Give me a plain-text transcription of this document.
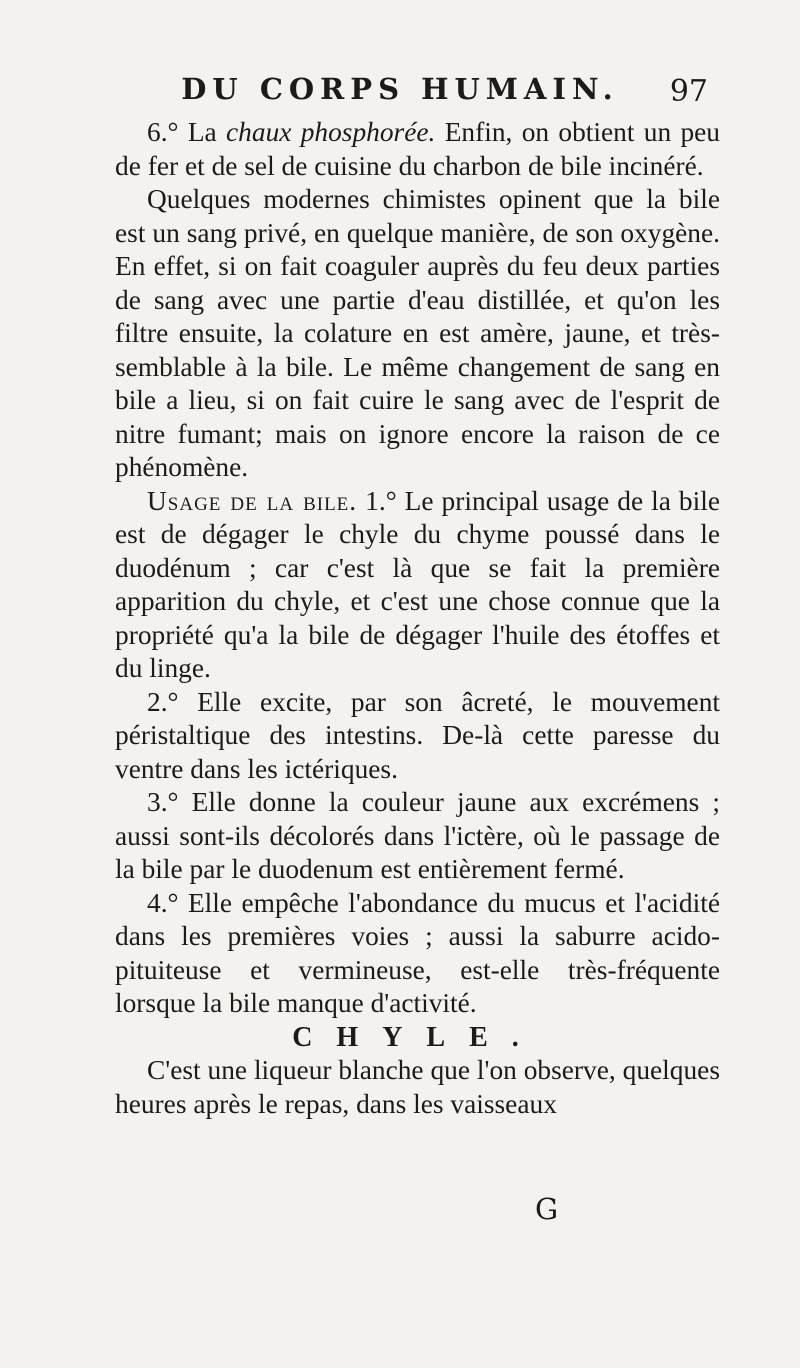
DU CORPS HUMAIN.	97

6.° La chaux phosphorée. Enfin, on obtient un peu de fer et de sel de cuisine du charbon de bile incinéré.

Quelques modernes chimistes opinent que la bile est un sang privé, en quelque manière, de son oxygène. En effet, si on fait coaguler auprès du feu deux parties de sang avec une partie d'eau distillée, et qu'on les filtre ensuite, la colature en est amère, jaune, et très-semblable à la bile. Le même changement de sang en bile a lieu, si on fait cuire le sang avec de l'esprit de nitre fumant; mais on ignore encore la raison de ce phénomène.

Usage de la bile. 1.° Le principal usage de la bile est de dégager le chyle du chyme poussé dans le duodénum ; car c'est là que se fait la première apparition du chyle, et c'est une chose connue que la propriété qu'a la bile de dégager l'huile des étoffes et du linge.

2.° Elle excite, par son âcreté, le mouvement péristaltique des intestins. De-là cette paresse du ventre dans les ictériques.

3.° Elle donne la couleur jaune aux excrémens ; aussi sont-ils décolorés dans l'ictère, où le passage de la bile par le duodenum est entièrement fermé.

4.° Elle empêche l'abondance du mucus et l'acidité dans les premières voies ; aussi la saburre acido-pituiteuse et vermineuse, est-elle très-fréquente lorsque la bile manque d'activité.

CHYLE.

C'est une liqueur blanche que l'on observe, quelques heures après le repas, dans les vaisseaux

G
